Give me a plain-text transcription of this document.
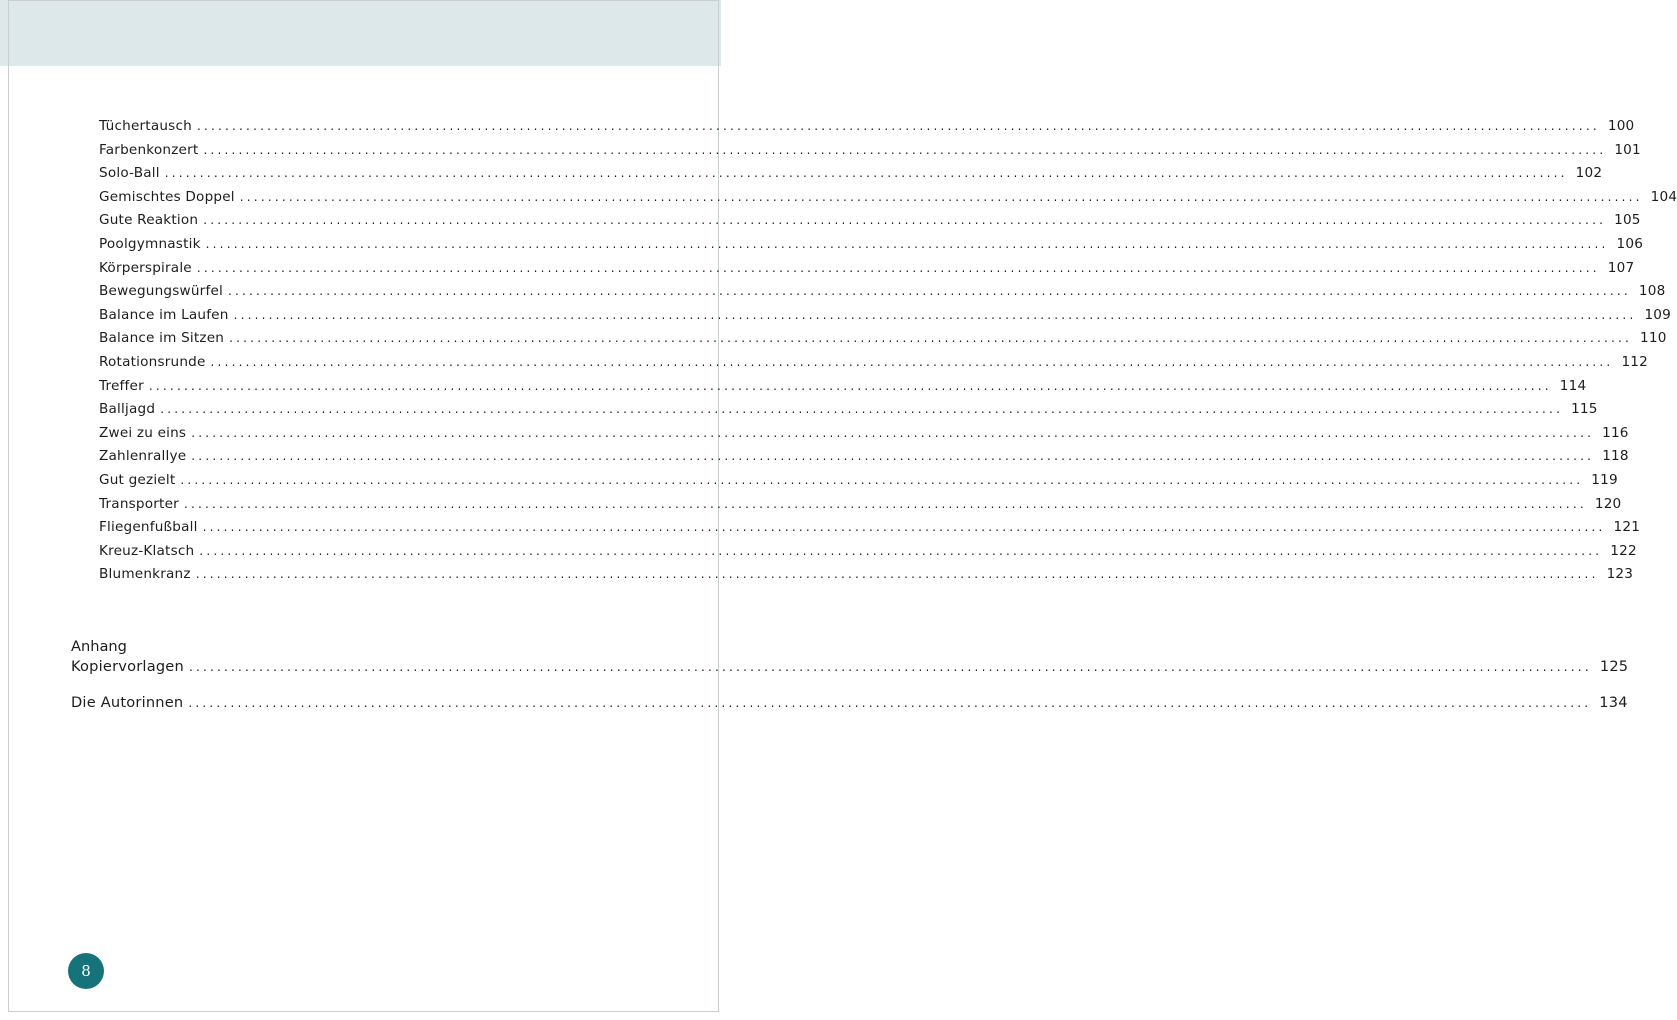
Tüchertausch ........................................................................................................................................................................................................ 100
Farbenkonzert ........................................................................................................................................................................................................ 101
Solo-Ball ........................................................................................................................................................................................................ 102
Gemischtes Doppel ........................................................................................................................................................................................................ 104
Gute Reaktion ........................................................................................................................................................................................................ 105
Poolgymnastik ........................................................................................................................................................................................................ 106
Körperspirale ........................................................................................................................................................................................................ 107
Bewegungswürfel ........................................................................................................................................................................................................ 108
Balance im Laufen ........................................................................................................................................................................................................ 109
Balance im Sitzen ........................................................................................................................................................................................................ 110
Rotationsrunde ........................................................................................................................................................................................................ 112
Treffer ........................................................................................................................................................................................................ 114
Balljagd ........................................................................................................................................................................................................ 115
Zwei zu eins ........................................................................................................................................................................................................ 116
Zahlenrallye ........................................................................................................................................................................................................ 118
Gut gezielt ........................................................................................................................................................................................................ 119
Transporter ........................................................................................................................................................................................................ 120
Fliegenfußball ........................................................................................................................................................................................................ 121
Kreuz-Klatsch ........................................................................................................................................................................................................ 122
Blumenkranz ........................................................................................................................................................................................................ 123
Anhang
Kopiervorlagen ........................................................................................................................................................................................................ 125
Die Autorinnen ........................................................................................................................................................................................................ 134
8
